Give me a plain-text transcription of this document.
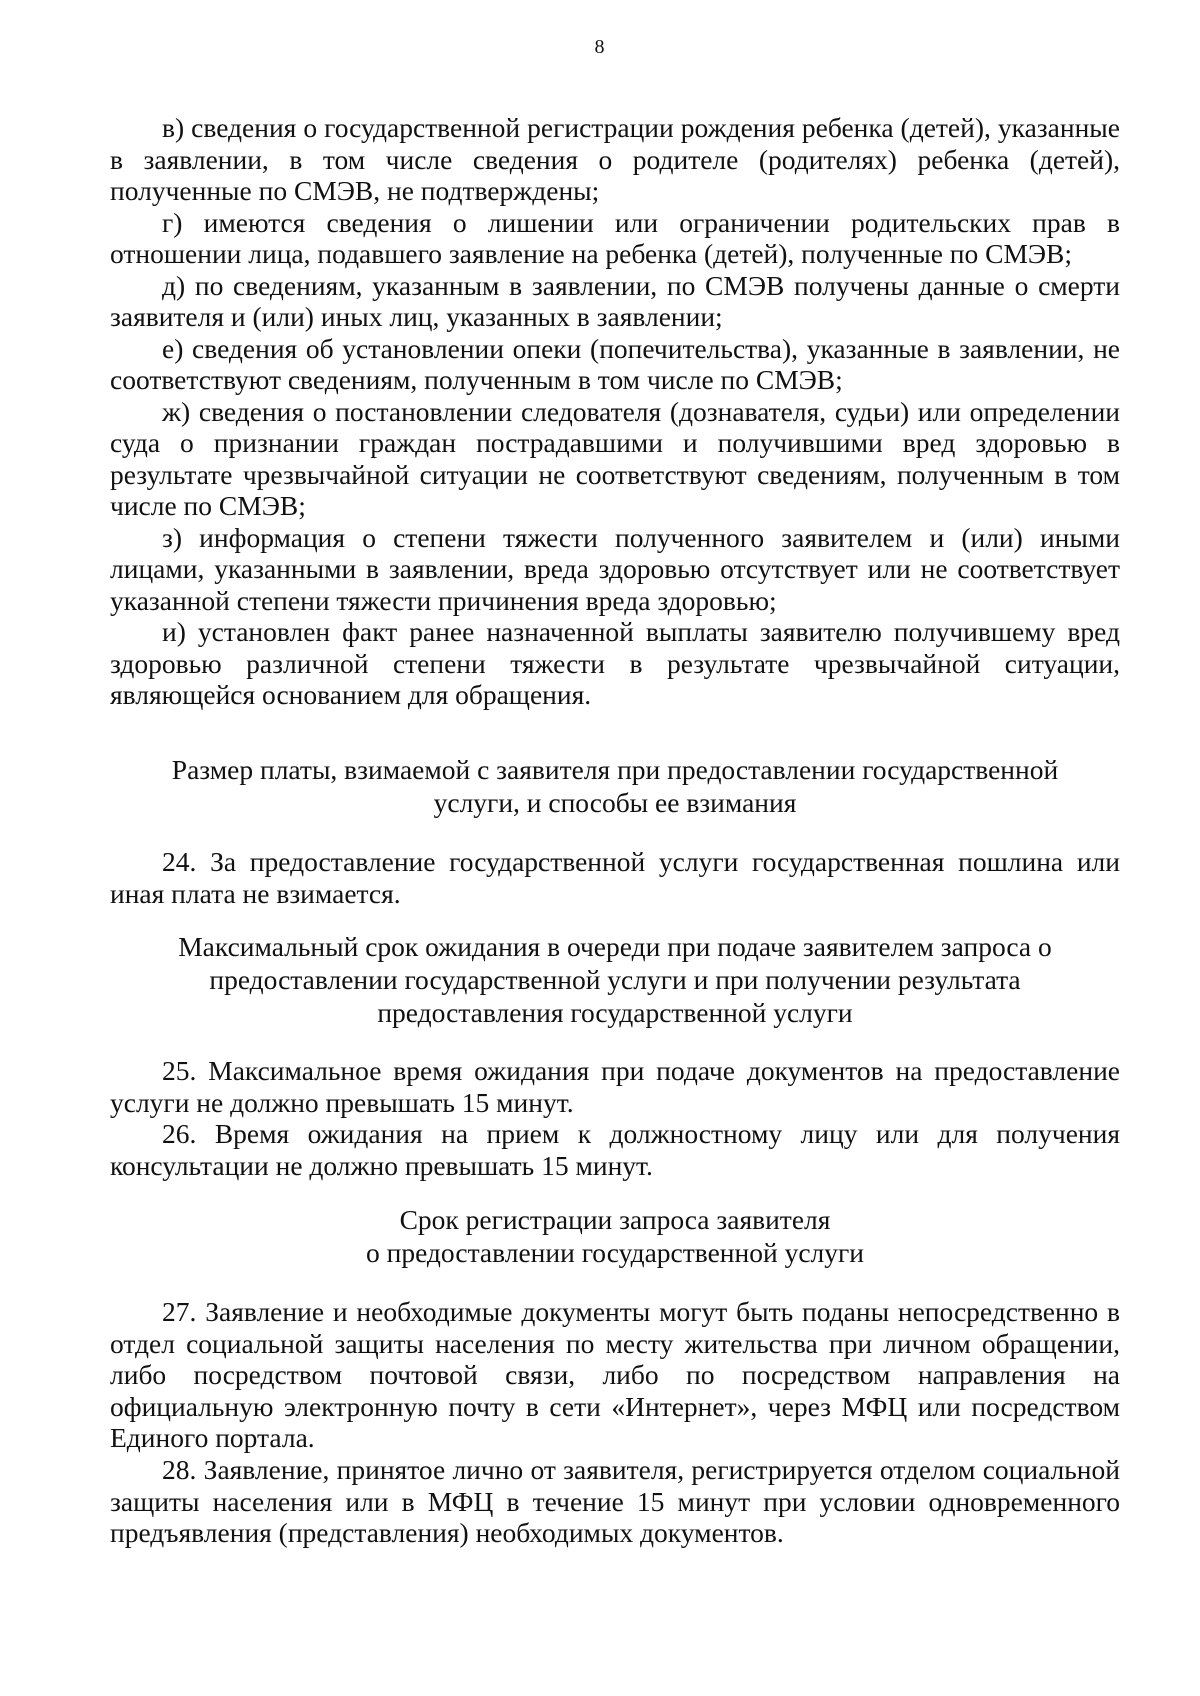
8

в) сведения о государственной регистрации рождения ребенка (детей), указанные в заявлении, в том числе сведения о родителе (родителях) ребенка (детей), полученные по СМЭВ, не подтверждены;

г) имеются сведения о лишении или ограничении родительских прав в отношении лица, подавшего заявление на ребенка (детей), полученные по СМЭВ;

д) по сведениям, указанным в заявлении, по СМЭВ получены данные о смерти заявителя и (или) иных лиц, указанных в заявлении;

е) сведения об установлении опеки (попечительства), указанные в заявлении, не соответствуют сведениям, полученным в том числе по СМЭВ;

ж) сведения о постановлении следователя (дознавателя, судьи) или определении суда о признании граждан пострадавшими и получившими вред здоровью в результате чрезвычайной ситуации не соответствуют сведениям, полученным в том числе по СМЭВ;

з) информация о степени тяжести полученного заявителем и (или) иными лицами, указанными в заявлении, вреда здоровью отсутствует или не соответствует указанной степени тяжести причинения вреда здоровью;

и) установлен факт ранее назначенной выплаты заявителю получившему вред здоровью различной степени тяжести в результате чрезвычайной ситуации, являющейся основанием для обращения.

Размер платы, взимаемой с заявителя при предоставлении государственной
услуги, и способы ее взимания

24. За предоставление государственной услуги государственная пошлина или иная плата не взимается.

Максимальный срок ожидания в очереди при подаче заявителем запроса о
предоставлении государственной услуги и при получении результата
предоставления государственной услуги

25. Максимальное время ожидания при подаче документов на предоставление услуги не должно превышать 15 минут.

26. Время ожидания на прием к должностному лицу или для получения консультации не должно превышать 15 минут.

Срок регистрации запроса заявителя
о предоставлении государственной услуги

27. Заявление и необходимые документы могут быть поданы непосредственно в отдел социальной защиты населения по месту жительства при личном обращении, либо посредством почтовой связи, либо по посредством направления на официальную электронную почту в сети «Интернет», через МФЦ или посредством Единого портала.

28. Заявление, принятое лично от заявителя, регистрируется отделом социальной защиты населения или в МФЦ в течение 15 минут при условии одновременного предъявления (представления) необходимых документов.
